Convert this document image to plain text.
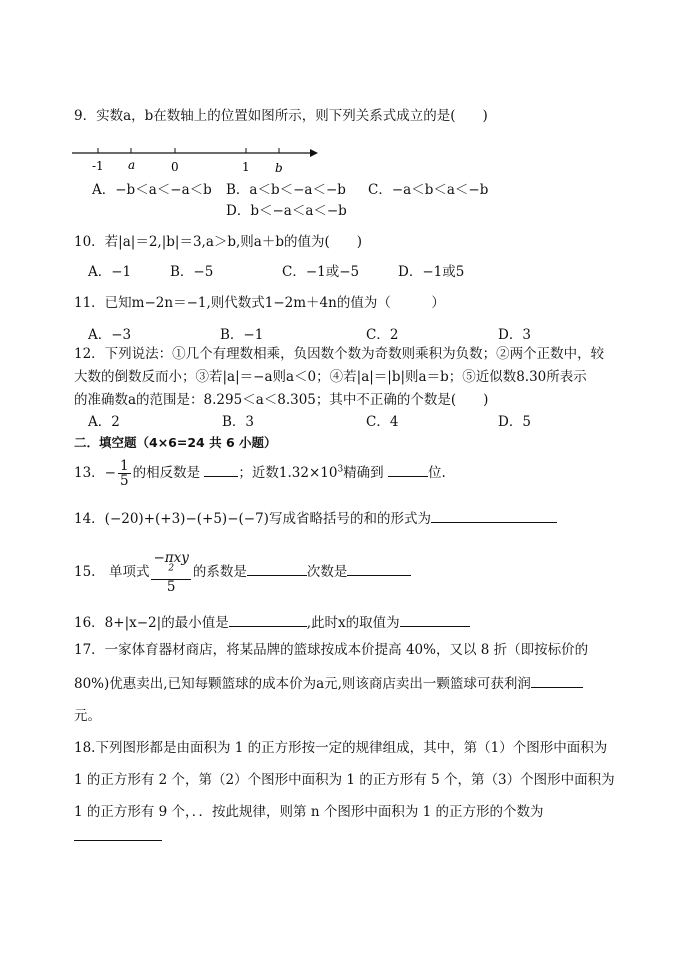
9．实数a，b在数轴上的位置如图所示，则下列关系式成立的是(　　)
-1 a	0	1 b
A．−b＜a＜−a＜b B．a＜b＜−a＜−b C．−a＜b＜a＜−b
D．b＜−a＜a＜−b
10．若|a|＝2,|b|＝3,a＞b,则a＋b的值为(　　)
A．−1	B．−5	C．−1或−5	D．−1或5
11．已知m−2n＝−1,则代数式1−2m＋4n的值为（　　　）
A．−3	B．−1	C．2	D．3
12．下列说法：①几个有理数相乘，负因数个数为奇数则乘积为负数；②两个正数中，较
大数的倒数反而小；③若|a|＝−a则a＜0；④若|a|＝|b|则a＝b；⑤近似数8.30所表示
的准确数a的范围是：8.295＜a＜8.305；其中不正确的个数是(　　)
A．2	B．3	C．4	D．5
二．填空题（4×6=24 共 6 小题）
13．− $\frac{1}{5}$ 的相反数是	；近数$1.32\times 10^3$精确到	位.
14．(−20)+(+3)−(+5)−(−7)写成省略括号的和的形式为
15.　单项式 −πxy
$^2$
5 的系数是	次数是
16．8+|x−2|的最小值是	,此时x的取值为
17．一家体育器材商店，将某品牌的篮球按成本价提高 40%，又以 8 折（即按标价的
80%)优惠卖出,已知每颗篮球的成本价为a元,则该商店卖出一颗篮球可获利润
元。
18.下列图形都是由面积为 1 的正方形按一定的规律组成，其中，第（1）个图形中面积为
1 的正方形有 2 个，第（2）个图形中面积为 1 的正方形有 5 个，第（3）个图形中面积为
1 的正方形有 9 个，．．按此规律，则第 n 个图形中面积为 1 的正方形的个数为
